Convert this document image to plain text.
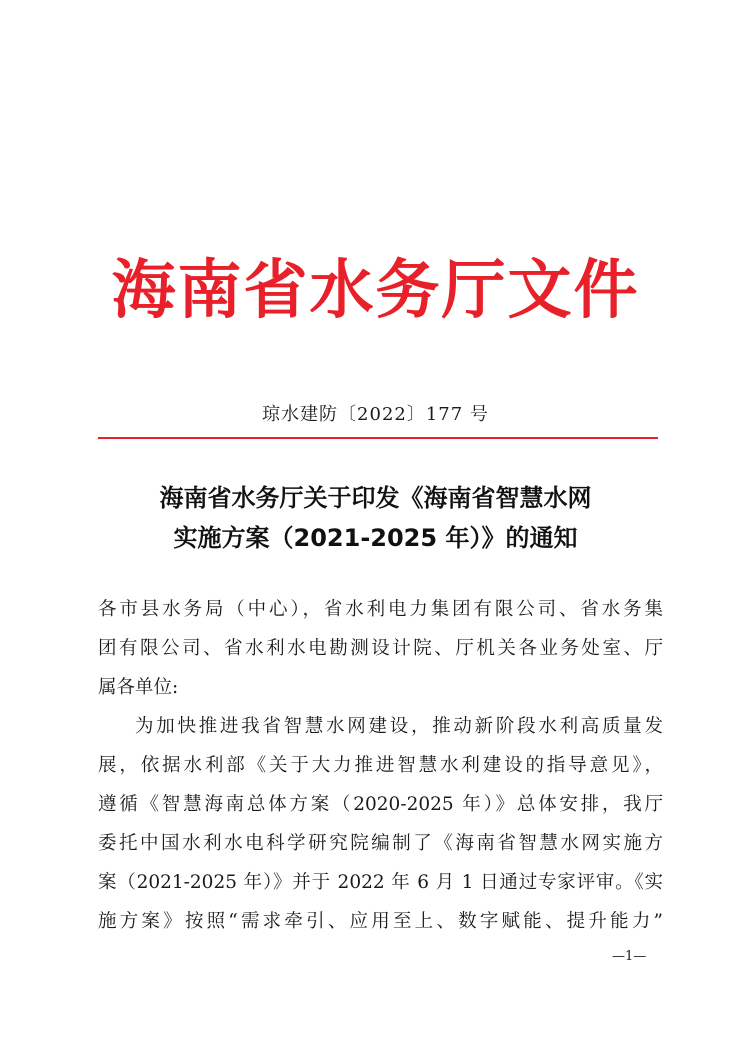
海南省水务厅文件
琼水建防〔2022〕177 号
海南省水务厅关于印发《海南省智慧水网
实施方案（2021-2025 年）》的通知
各市县水务局（中心），省水利电力集团有限公司、省水务集
团有限公司、省水利水电勘测设计院、厅机关各业务处室、厅
属各单位:
为加快推进我省智慧水网建设，推动新阶段水利高质量发
展，依据水利部《关于大力推进智慧水利建设的指导意见》，
遵循《智慧海南总体方案（2020-2025 年）》总体安排，我厅
委托中国水利水电科学研究院编制了《海南省智慧水网实施方
案（2021-2025 年）》并于 2022 年 6 月 1 日通过专家评审。《实
施方案》按照“需求牵引、应用至上、数字赋能、提升能力”
—1—
